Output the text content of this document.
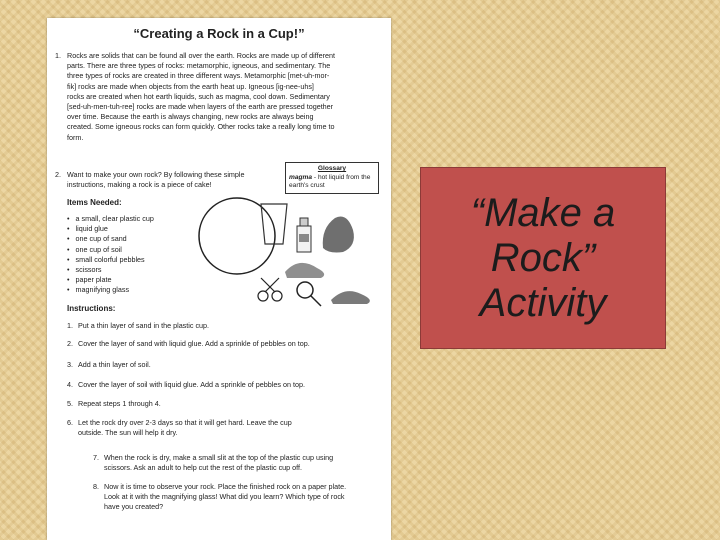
“Creating a Rock in a Cup!”
1. Rocks are solids that can be found all over the earth. Rocks are made up of different
parts. There are three types of rocks: metamorphic, igneous, and sedimentary. The
three types of rocks are created in three different ways. Metamorphic [met-uh-mor-
fik] rocks are made when objects from the earth heat up. Igneous [ig-nee-uhs]
rocks are created when hot earth liquids, such as magma, cool down. Sedimentary
[sed-uh-men-tuh-ree] rocks are made when layers of the earth are pressed together
over time. Because the earth is always changing, new rocks are always being
created. Some igneous rocks can form quickly. Other rocks take a really long time to
form.
2. Want to make your own rock? By following these simple
instructions, making a rock is a piece of cake!
Glossary
magma - hot liquid from the earth's crust
Items Needed:
• a small, clear plastic cup
• liquid glue
• one cup of sand
• one cup of soil
• small colorful pebbles
• scissors
• paper plate
• magnifying glass
Instructions:
1. Put a thin layer of sand in the plastic cup.
2. Cover the layer of sand with liquid glue. Add a sprinkle of pebbles on top.
3. Add a thin layer of soil.
4. Cover the layer of soil with liquid glue. Add a sprinkle of pebbles on top.
5. Repeat steps 1 through 4.
6. Let the rock dry over 2-3 days so that it will get hard. Leave the cup
outside. The sun will help it dry.
7. When the rock is dry, make a small slit at the top of the plastic cup using
scissors. Ask an adult to help cut the rest of the plastic cup off.
8. Now it is time to observe your rock. Place the finished rock on a paper plate.
Look at it with the magnifying glass! What did you learn? Which type of rock
have you created?
“Make a
Rock”
Activity
